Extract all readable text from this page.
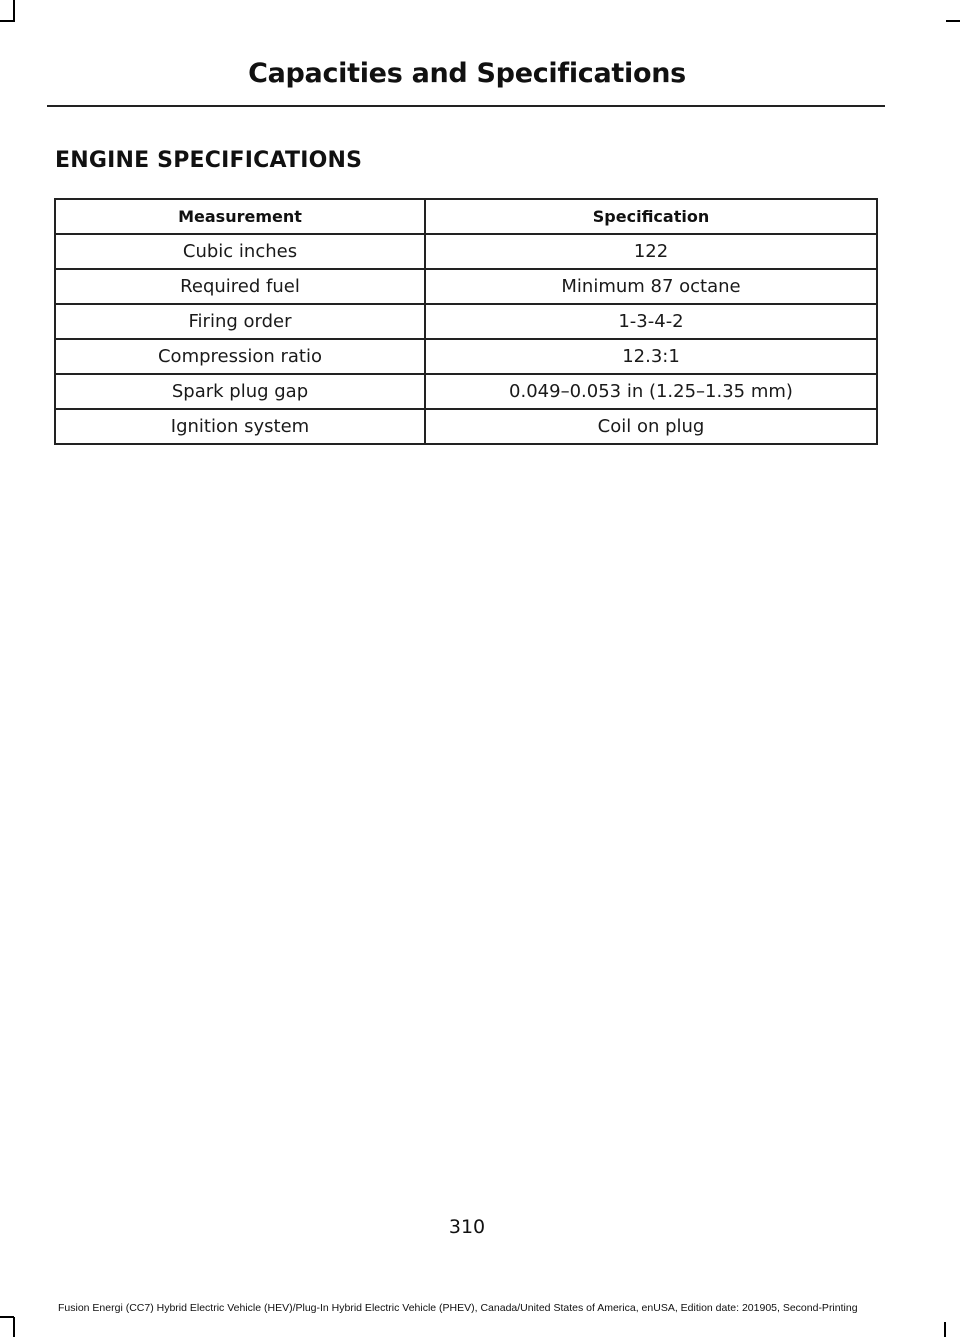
Capacities and Specifications
ENGINE SPECIFICATIONS
Measurement	Specification
Cubic inches	122
Required fuel	Minimum 87 octane
Firing order	1-3-4-2
Compression ratio	12.3:1
Spark plug gap	0.049–0.053 in (1.25–1.35 mm)
Ignition system	Coil on plug
310
Fusion Energi (CC7) Hybrid Electric Vehicle (HEV)/Plug-In Hybrid Electric Vehicle (PHEV), Canada/United States of America, enUSA, Edition date: 201905, Second-Printing
